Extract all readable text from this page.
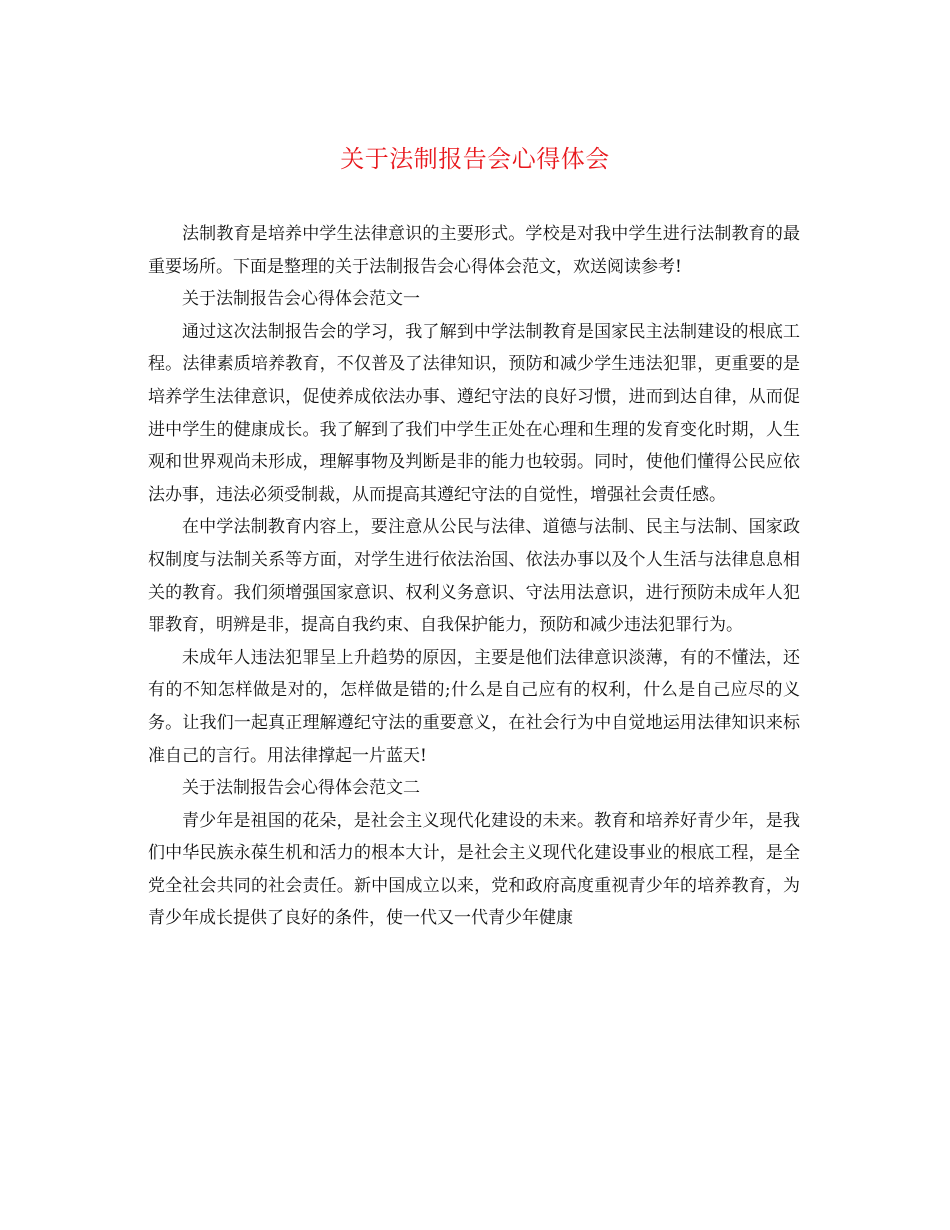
关于法制报告会心得体会

法制教育是培养中学生法律意识的主要形式。学校是对我中学生进行法制教育的最重要场所。下面是整理的关于法制报告会心得体会范文，欢送阅读参考!

关于法制报告会心得体会范文一

通过这次法制报告会的学习，我了解到中学法制教育是国家民主法制建设的根底工程。法律素质培养教育，不仅普及了法律知识，预防和减少学生违法犯罪，更重要的是培养学生法律意识，促使养成依法办事、遵纪守法的良好习惯，进而到达自律，从而促进中学生的健康成长。我了解到了我们中学生正处在心理和生理的发育变化时期，人生观和世界观尚未形成，理解事物及判断是非的能力也较弱。同时，使他们懂得公民应依法办事，违法必须受制裁，从而提高其遵纪守法的自觉性，增强社会责任感。

在中学法制教育内容上，要注意从公民与法律、道德与法制、民主与法制、国家政权制度与法制关系等方面，对学生进行依法治国、依法办事以及个人生活与法律息息相关的教育。我们须增强国家意识、权利义务意识、守法用法意识，进行预防未成年人犯罪教育，明辨是非，提高自我约束、自我保护能力，预防和减少违法犯罪行为。

未成年人违法犯罪呈上升趋势的原因，主要是他们法律意识淡薄，有的不懂法，还有的不知怎样做是对的，怎样做是错的;什么是自己应有的权利，什么是自己应尽的义务。让我们一起真正理解遵纪守法的重要意义，在社会行为中自觉地运用法律知识来标准自己的言行。用法律撑起一片蓝天!

关于法制报告会心得体会范文二

青少年是祖国的花朵，是社会主义现代化建设的未来。教育和培养好青少年，是我们中华民族永葆生机和活力的根本大计，是社会主义现代化建设事业的根底工程，是全党全社会共同的社会责任。新中国成立以来，党和政府高度重视青少年的培养教育，为青少年成长提供了良好的条件，使一代又一代青少年健康
